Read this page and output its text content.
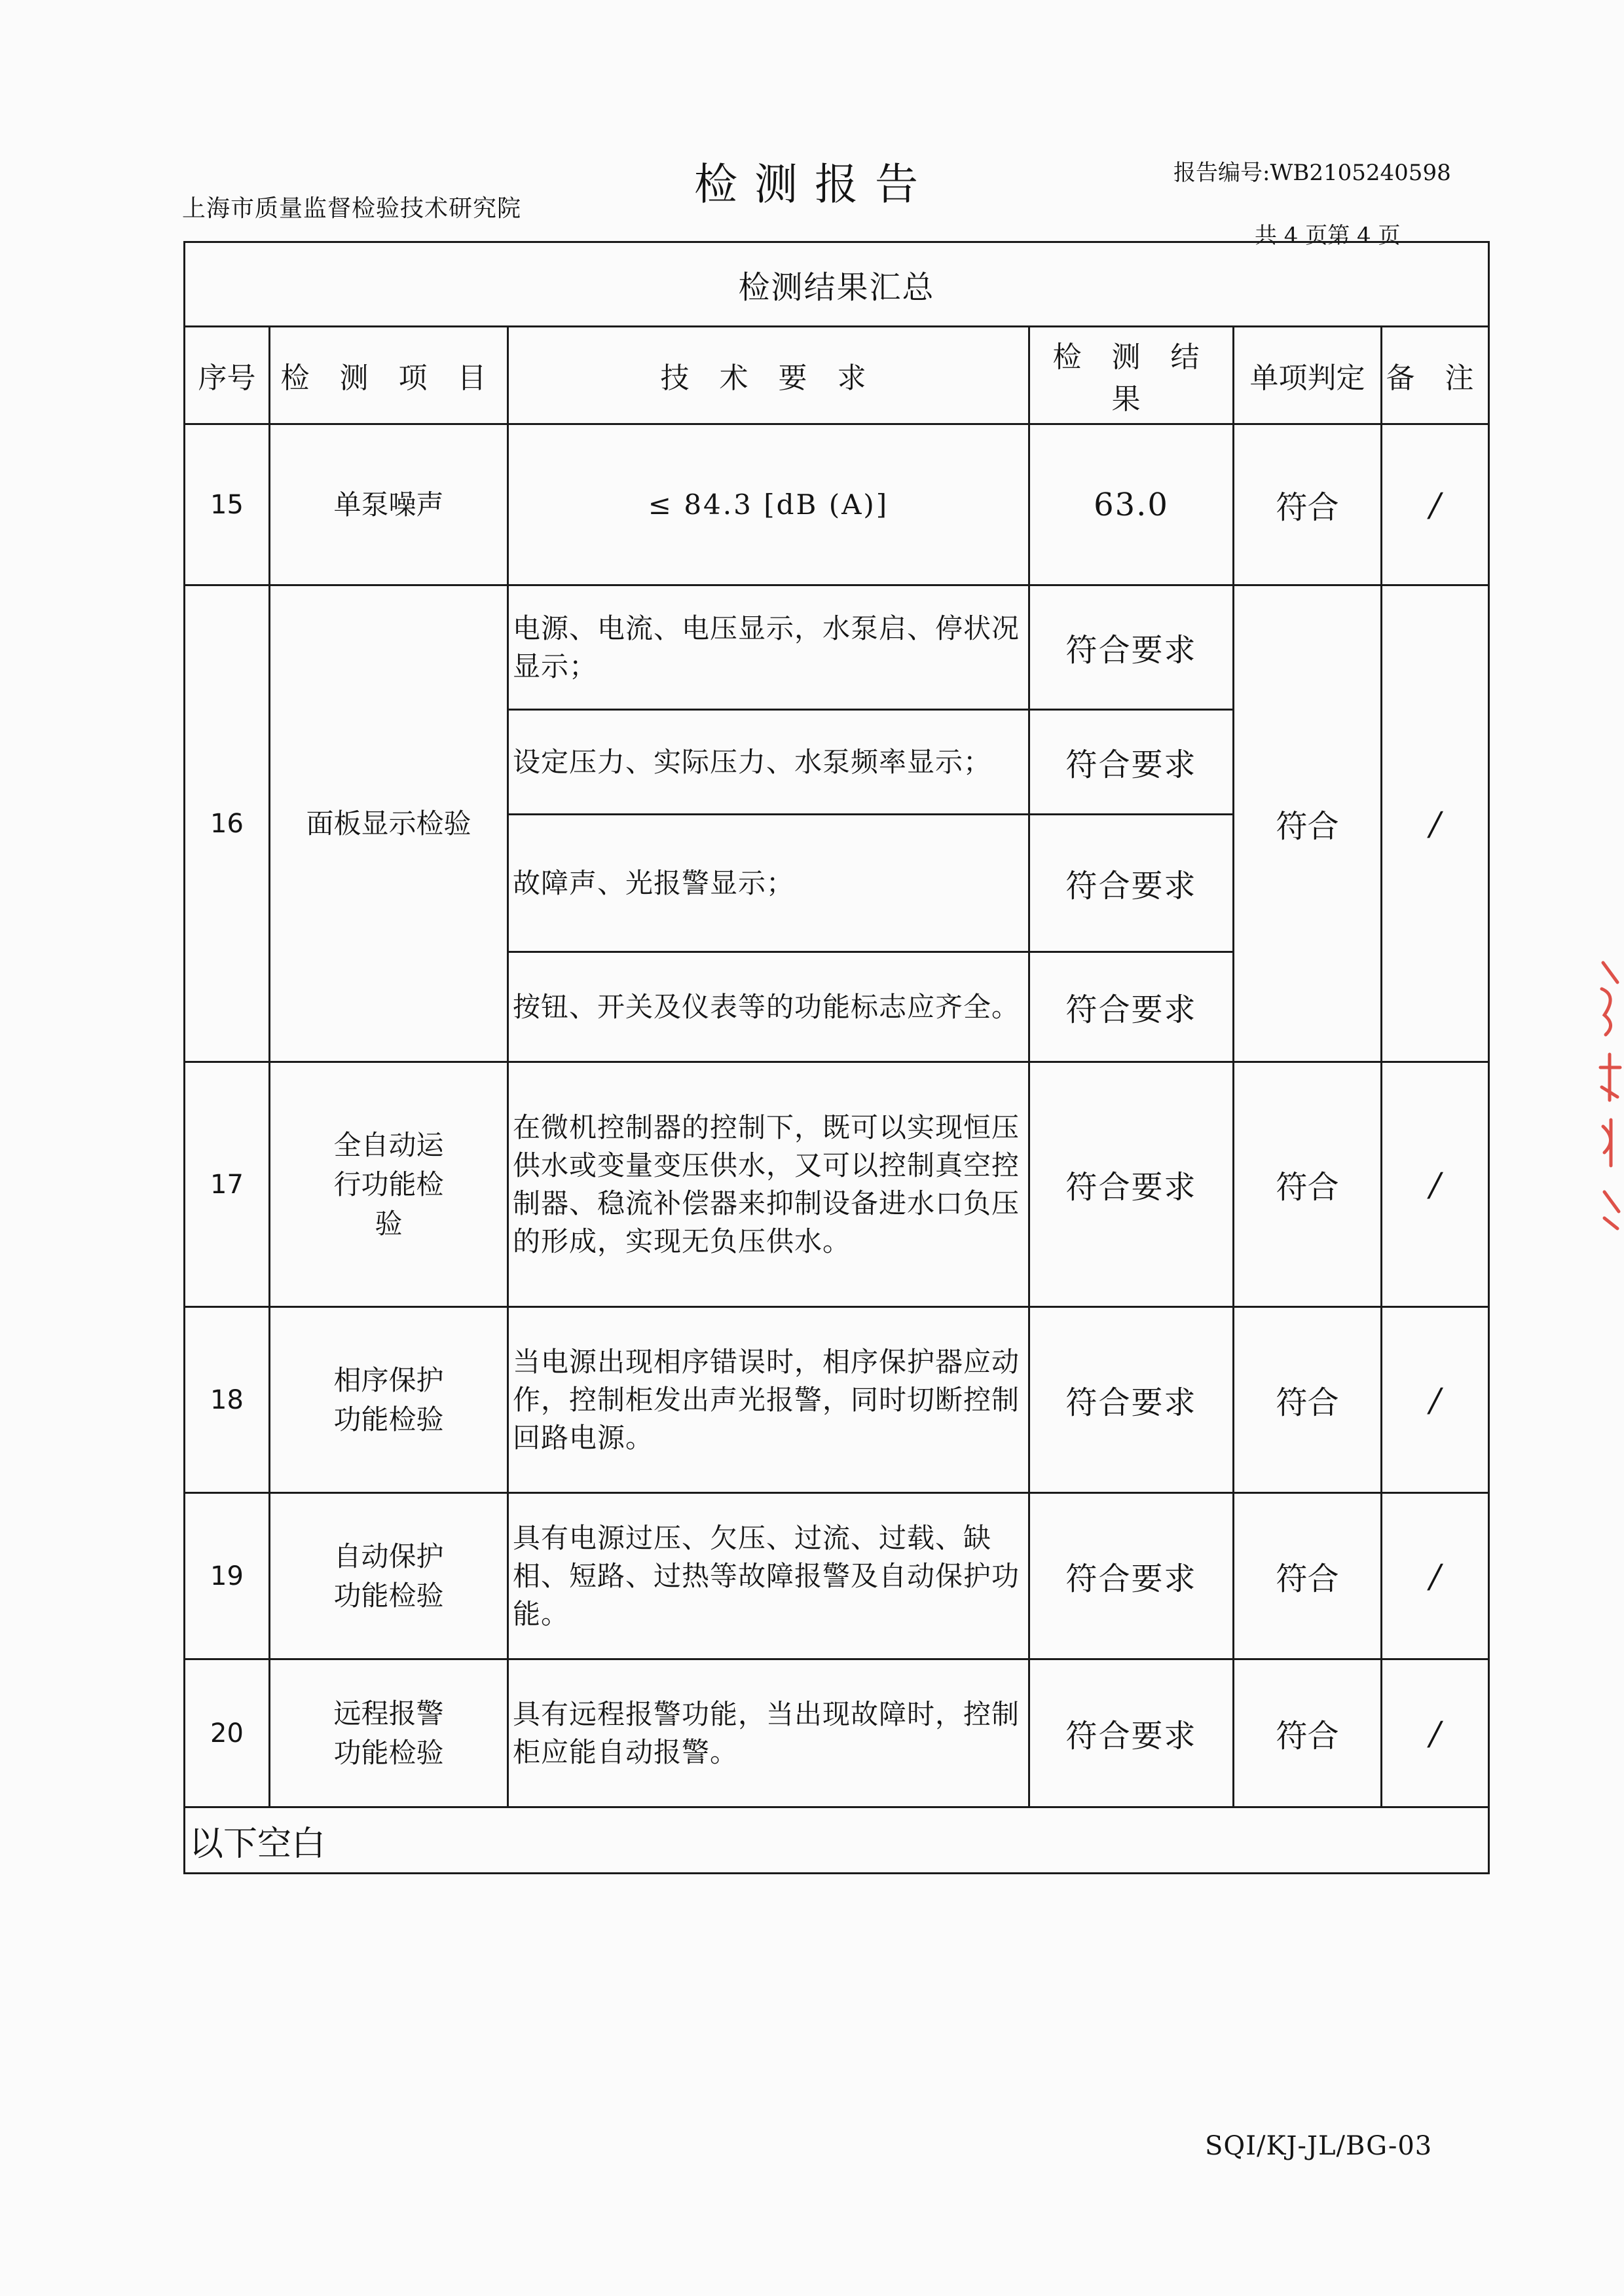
上海市质量监督检验技术研究院	检测报告	报告编号:WB2105240598
共 4 页第 4 页
检测结果汇总					
序号	检 测 项 目	技 术 要 求	检 测 结 果	单项判定	备 注
15	单泵噪声	≤ 84.3 [dB (A)]	63.0	符合	/
16	面板显示检验	电源、电流、电压显示，水泵启、停状况显示；	符合要求	符合	/
		设定压力、实际压力、水泵频率显示；	符合要求		
		故障声、光报警显示；	符合要求		
		按钮、开关及仪表等的功能标志应齐全。	符合要求		
17	全自动运行功能检验	在微机控制器的控制下，既可以实现恒压供水或变量变压供水，又可以控制真空控制器、稳流补偿器来抑制设备进水口负压的形成，实现无负压供水。	符合要求	符合	/
18	相序保护功能检验	当电源出现相序错误时，相序保护器应动作，控制柜发出声光报警，同时切断控制回路电源。	符合要求	符合	/
19	自动保护功能检验	具有电源过压、欠压、过流、过载、缺相、短路、过热等故障报警及自动保护功能。	符合要求	符合	/
20	远程报警功能检验	具有远程报警功能，当出现故障时，控制柜应能自动报警。	符合要求	符合	/
以下空白					
SQI/KJ-JL/BG-03
